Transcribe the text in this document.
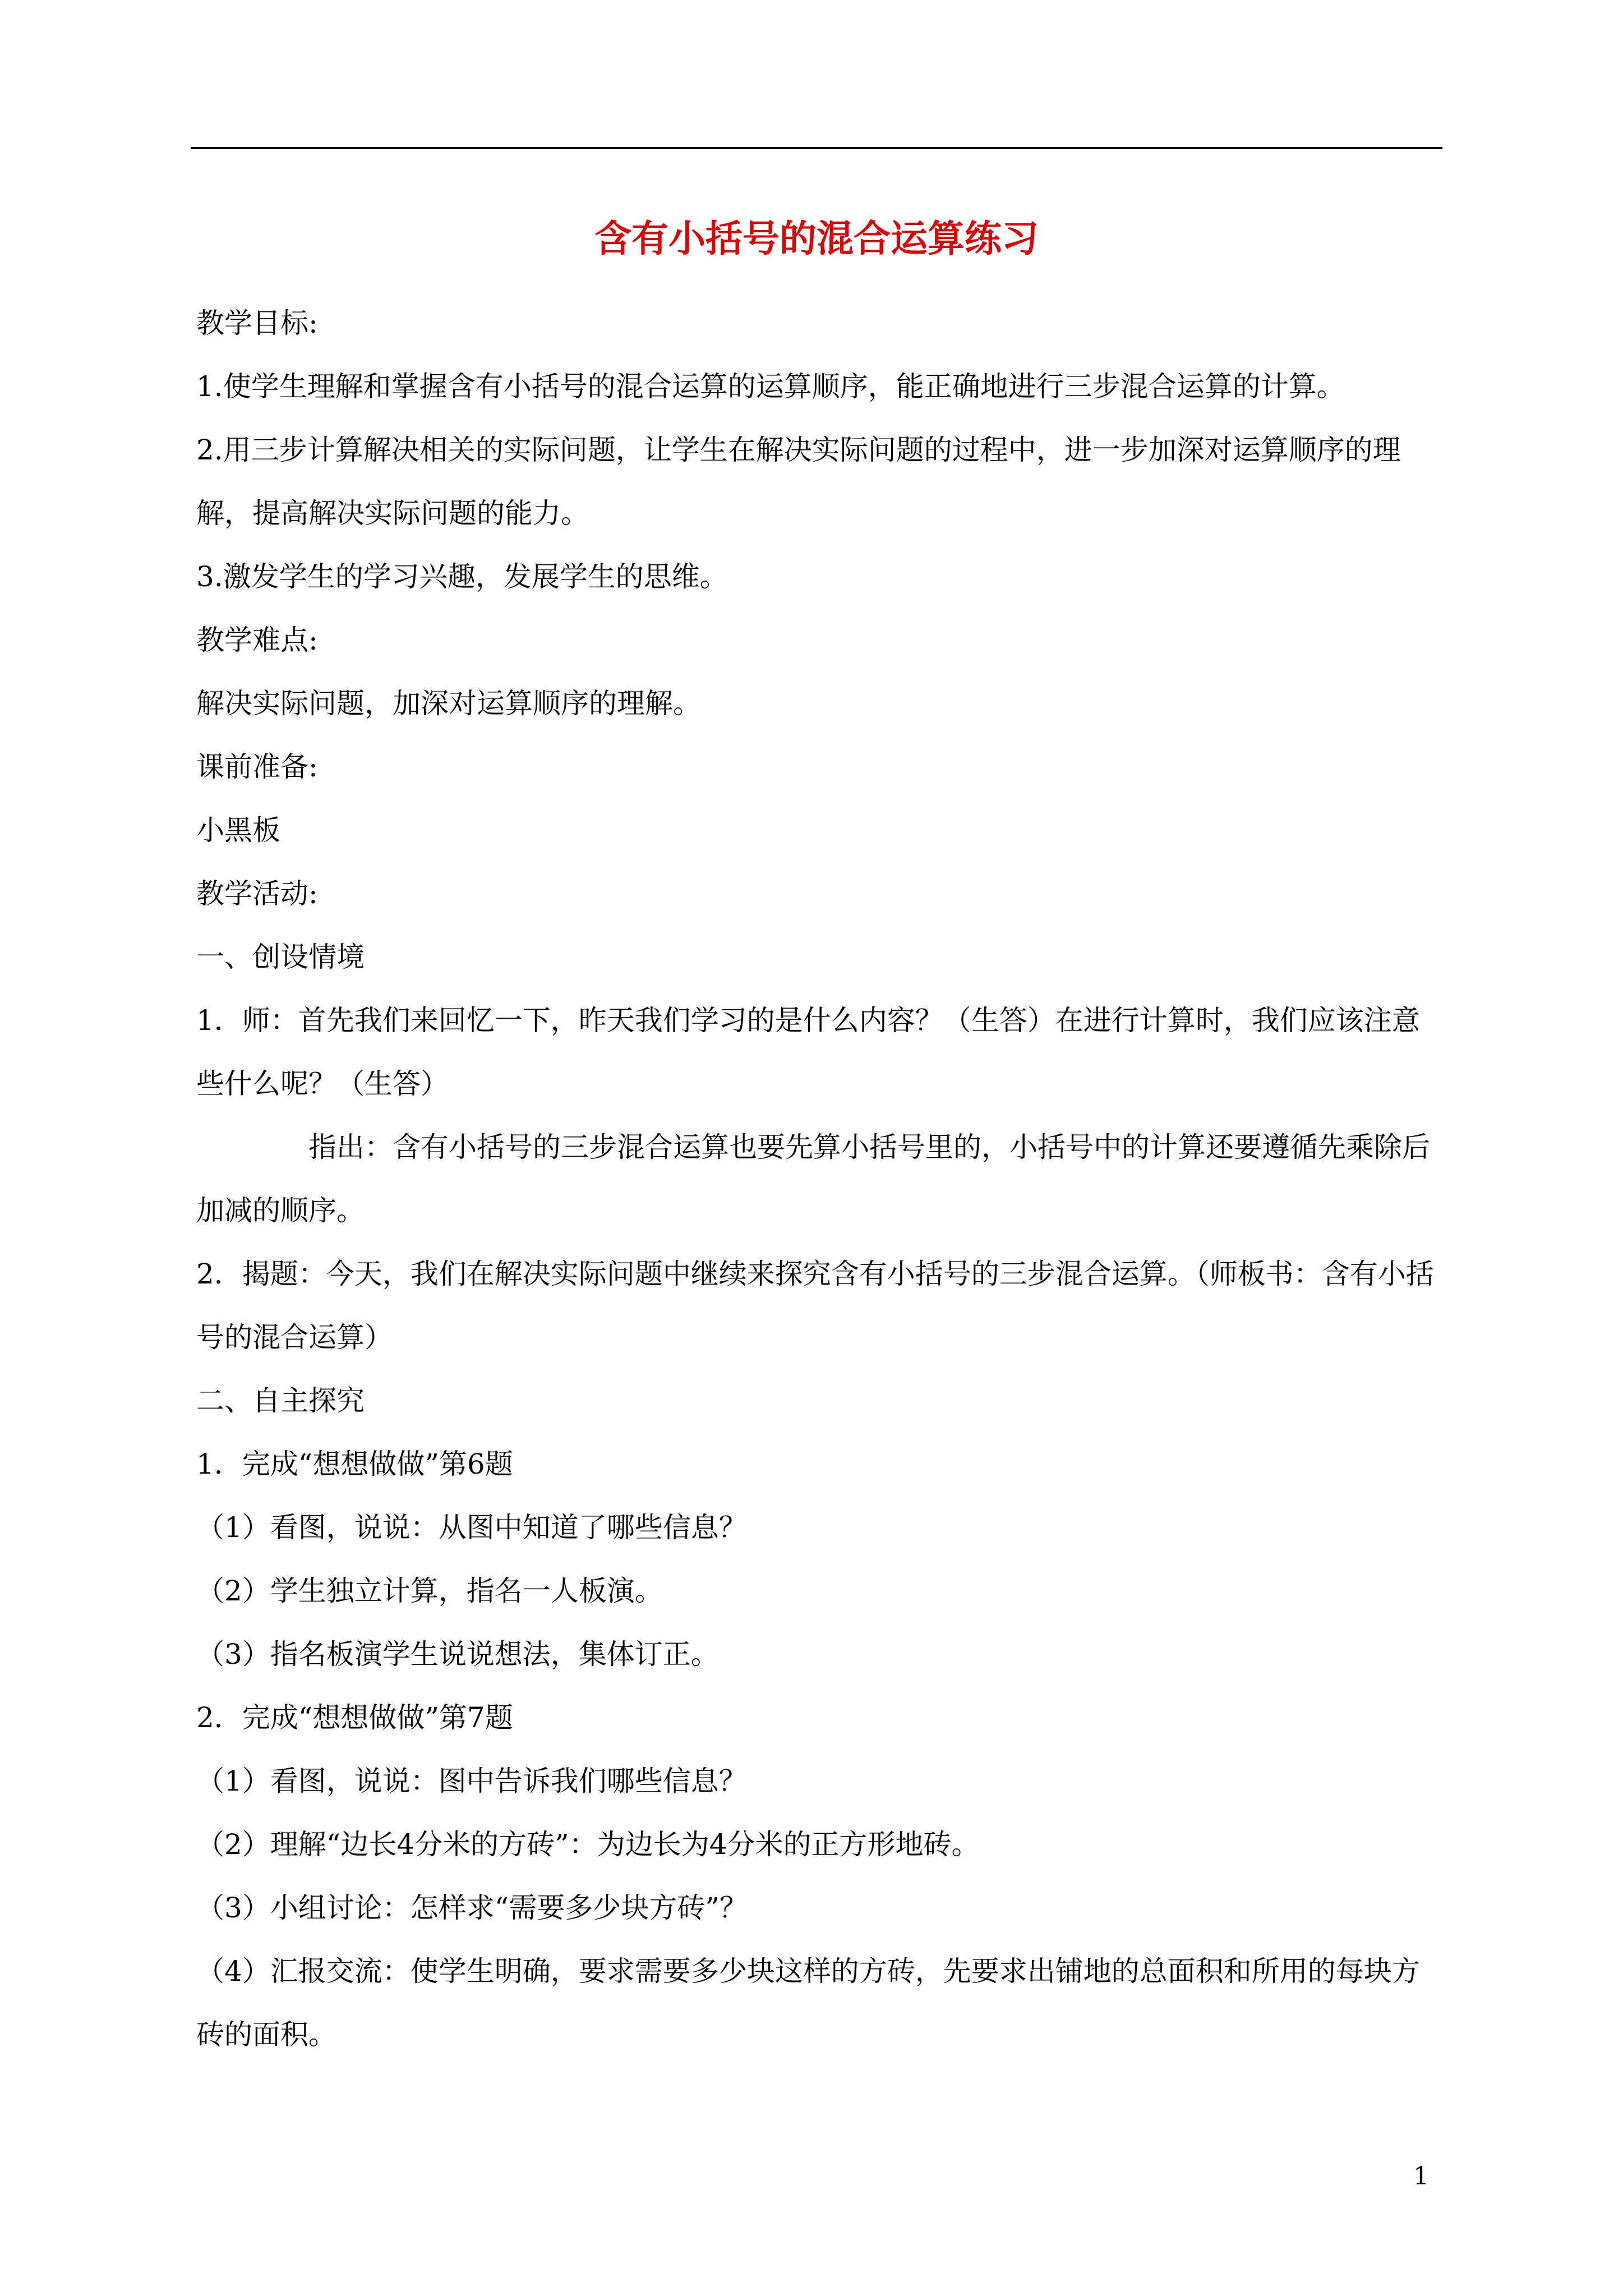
含有小括号的混合运算练习

教学目标:

1.使学生理解和掌握含有小括号的混合运算的运算顺序，能正确地进行三步混合运算的计算。

2.用三步计算解决相关的实际问题，让学生在解决实际问题的过程中，进一步加深对运算顺序的理解，提高解决实际问题的能力。

3.激发学生的学习兴趣，发展学生的思维。

教学难点:

解决实际问题，加深对运算顺序的理解。

课前准备:

小黑板

教学活动:

一、创设情境

1．师：首先我们来回忆一下，昨天我们学习的是什么内容？（生答）在进行计算时，我们应该注意些什么呢？（生答）

指出：含有小括号的三步混合运算也要先算小括号里的，小括号中的计算还要遵循先乘除后加减的顺序。

2．揭题：今天，我们在解决实际问题中继续来探究含有小括号的三步混合运算。（师板书：含有小括号的混合运算）

二、自主探究

1．完成“想想做做”第6题

（1）看图，说说：从图中知道了哪些信息？

（2）学生独立计算，指名一人板演。

（3）指名板演学生说说想法，集体订正。

2．完成“想想做做”第7题

（1）看图，说说：图中告诉我们哪些信息？

（2）理解“边长4分米的方砖”：为边长为4分米的正方形地砖。

（3）小组讨论：怎样求“需要多少块方砖”？

（4）汇报交流：使学生明确，要求需要多少块这样的方砖，先要求出铺地的总面积和所用的每块方砖的面积。

1
